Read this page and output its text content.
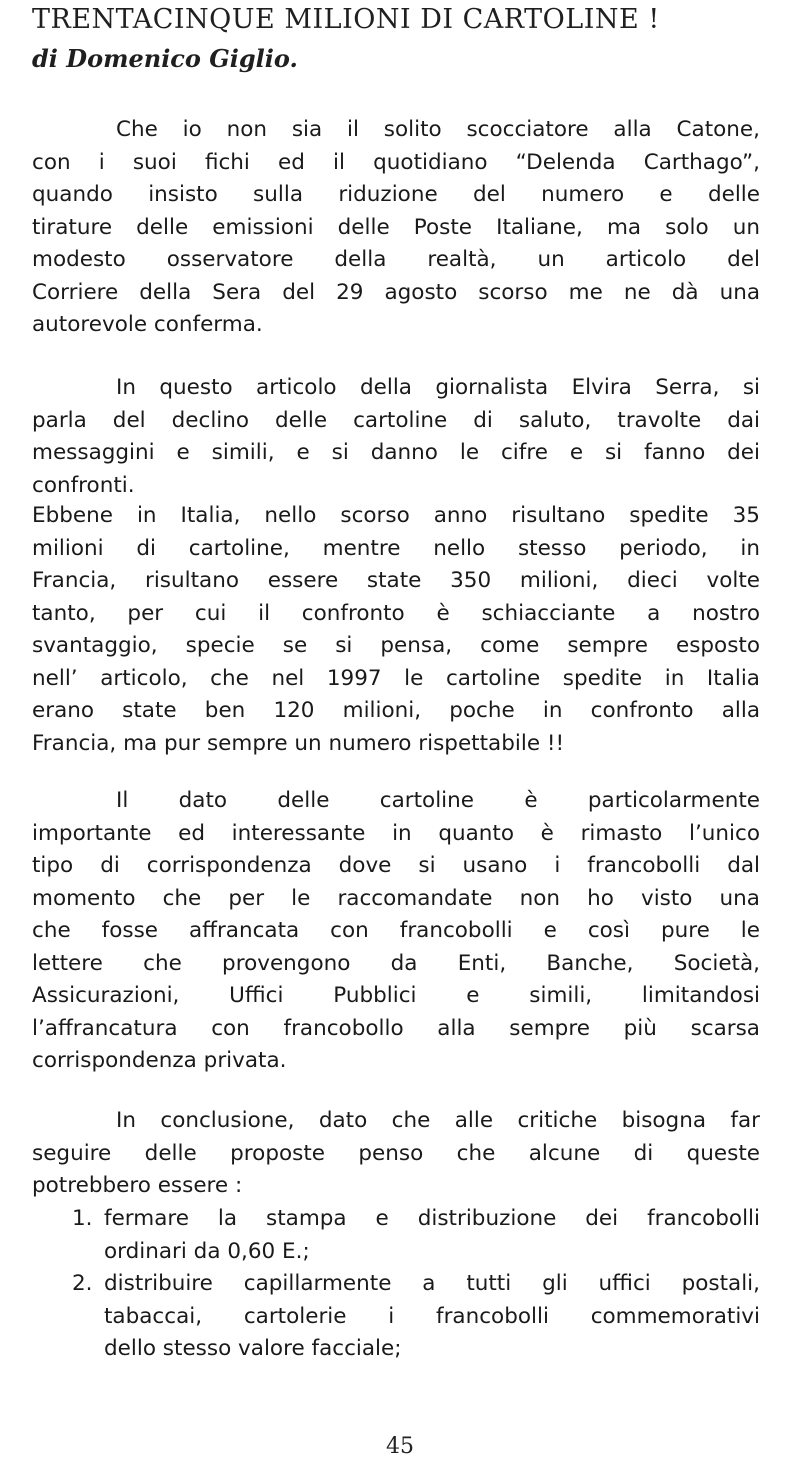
TRENTACINQUE MILIONI DI CARTOLINE !
di Domenico Giglio.
Che io non sia il solito scocciatore alla Catone,
con i suoi fichi ed il quotidiano “Delenda Carthago”,
quando insisto sulla riduzione del numero e delle
tirature delle emissioni delle Poste Italiane, ma solo un
modesto osservatore della realtà, un articolo del
Corriere della Sera del 29 agosto scorso me ne dà una
autorevole conferma.
In questo articolo della giornalista Elvira Serra, si
parla del declino delle cartoline di saluto, travolte dai
messaggini e simili, e si danno le cifre e si fanno dei
confronti.
Ebbene in Italia, nello scorso anno risultano spedite 35
milioni di cartoline, mentre nello stesso periodo, in
Francia, risultano essere state 350 milioni, dieci volte
tanto, per cui il confronto è schiacciante a nostro
svantaggio, specie se si pensa, come sempre esposto
nell’ articolo, che nel 1997 le cartoline spedite in Italia
erano state ben 120 milioni, poche in confronto alla
Francia, ma pur sempre un numero rispettabile !!
Il dato delle cartoline è particolarmente
importante ed interessante in quanto è rimasto l’unico
tipo di corrispondenza dove si usano i francobolli dal
momento che per le raccomandate non ho visto una
che fosse affrancata con francobolli e così pure le
lettere che provengono da Enti, Banche, Società,
Assicurazioni, Uffici Pubblici e simili, limitandosi
l’affrancatura con francobollo alla sempre più scarsa
corrispondenza privata.
In conclusione, dato che alle critiche bisogna far
seguire delle proposte penso che alcune di queste
potrebbero essere :
1. fermare la stampa e distribuzione dei francobolli
ordinari da 0,60 E.;
2. distribuire capillarmente a tutti gli uffici postali,
tabaccai, cartolerie i francobolli commemorativi
dello stesso valore facciale;
45
